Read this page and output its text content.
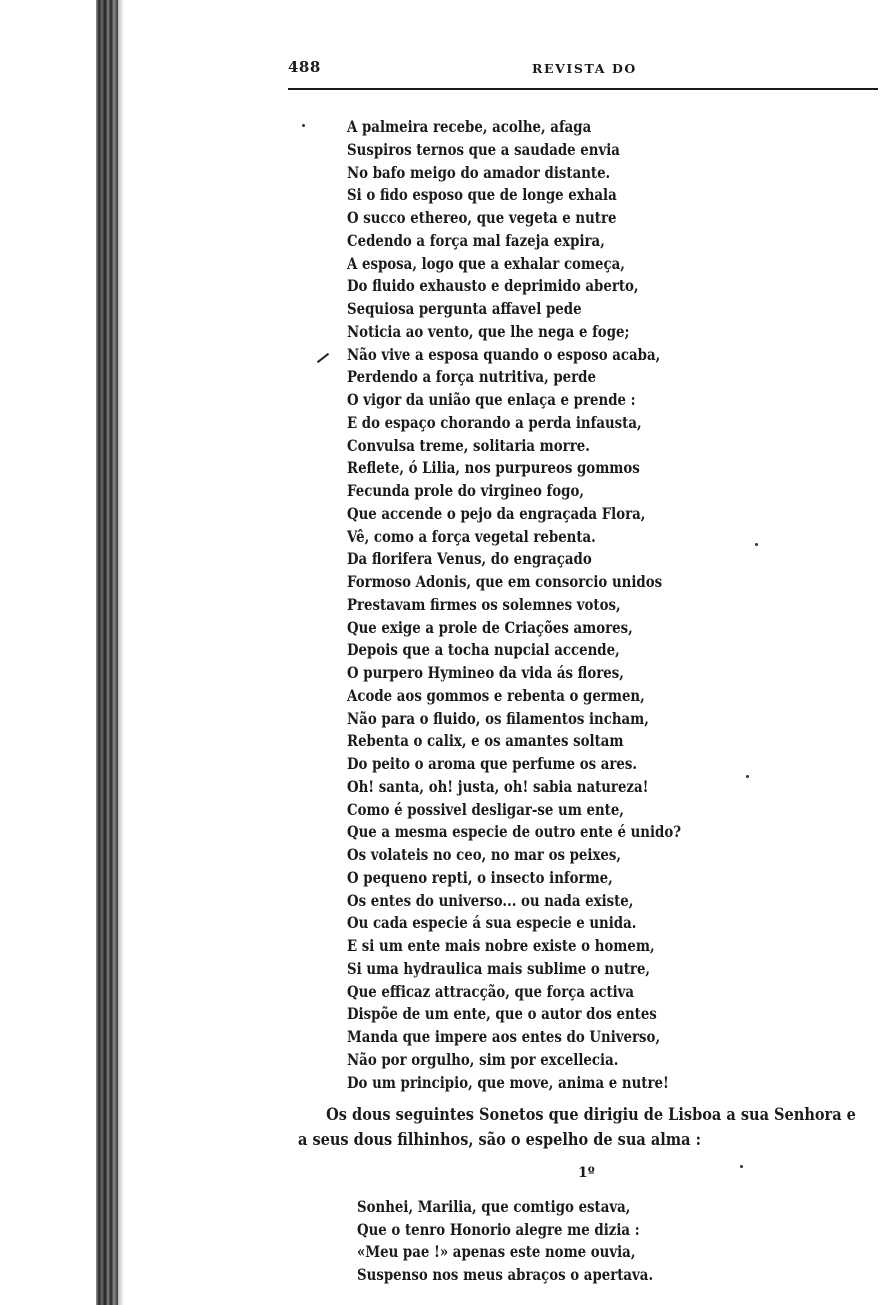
488	REVISTA DO
A palmeira recebe, acolhe, afaga
Suspiros ternos que a saudade envia
No bafo meigo do amador distante.
Si o fido esposo que de longe exhala
O succo ethereo, que vegeta e nutre
Cedendo a força mal fazeja expira,
A esposa, logo que a exhalar começa,
Do fluido exhausto e deprimido aberto,
Sequiosa pergunta affavel pede
Noticia ao vento, que lhe nega e foge;
Não vive a esposa quando o esposo acaba,
Perdendo a força nutritiva, perde
O vigor da união que enlaça e prende :
E do espaço chorando a perda infausta,
Convulsa treme, solitaria morre.
Reflete, ó Lilia, nos purpureos gommos
Fecunda prole do virgineo fogo,
Que accende o pejo da engraçada Flora,
Vê, como a força vegetal rebenta.
Da florifera Venus, do engraçado
Formoso Adonis, que em consorcio unidos
Prestavam firmes os solemnes votos,
Que exige a prole de Criações amores,
Depois que a tocha nupcial accende,
O purpero Hymineo da vida ás flores,
Acode aos gommos e rebenta o germen,
Não para o fluido, os filamentos incham,
Rebenta o calix, e os amantes soltam
Do peito o aroma que perfume os ares.
Oh! santa, oh! justa, oh! sabia natureza!
Como é possivel desligar-se um ente,
Que a mesma especie de outro ente é unido?
Os volateis no ceo, no mar os peixes,
O pequeno repti, o insecto informe,
Os entes do universo... ou nada existe,
Ou cada especie á sua especie e unida.
E si um ente mais nobre existe o homem,
Si uma hydraulica mais sublime o nutre,
Que efficaz attracção, que força activa
Dispõe de um ente, que o autor dos entes
Manda que impere aos entes do Universo,
Não por orgulho, sim por excellecia.
Do um principio, que move, anima e nutre!
Os dous seguintes Sonetos que dirigiu de Lisboa a sua Senhora e
a seus dous filhinhos, são o espelho de sua alma :
1º
Sonhei, Marilia, que comtigo estava,
Que o tenro Honorio alegre me dizia :
«Meu pae !» apenas este nome ouvia,
Suspenso nos meus abraços o apertava.
